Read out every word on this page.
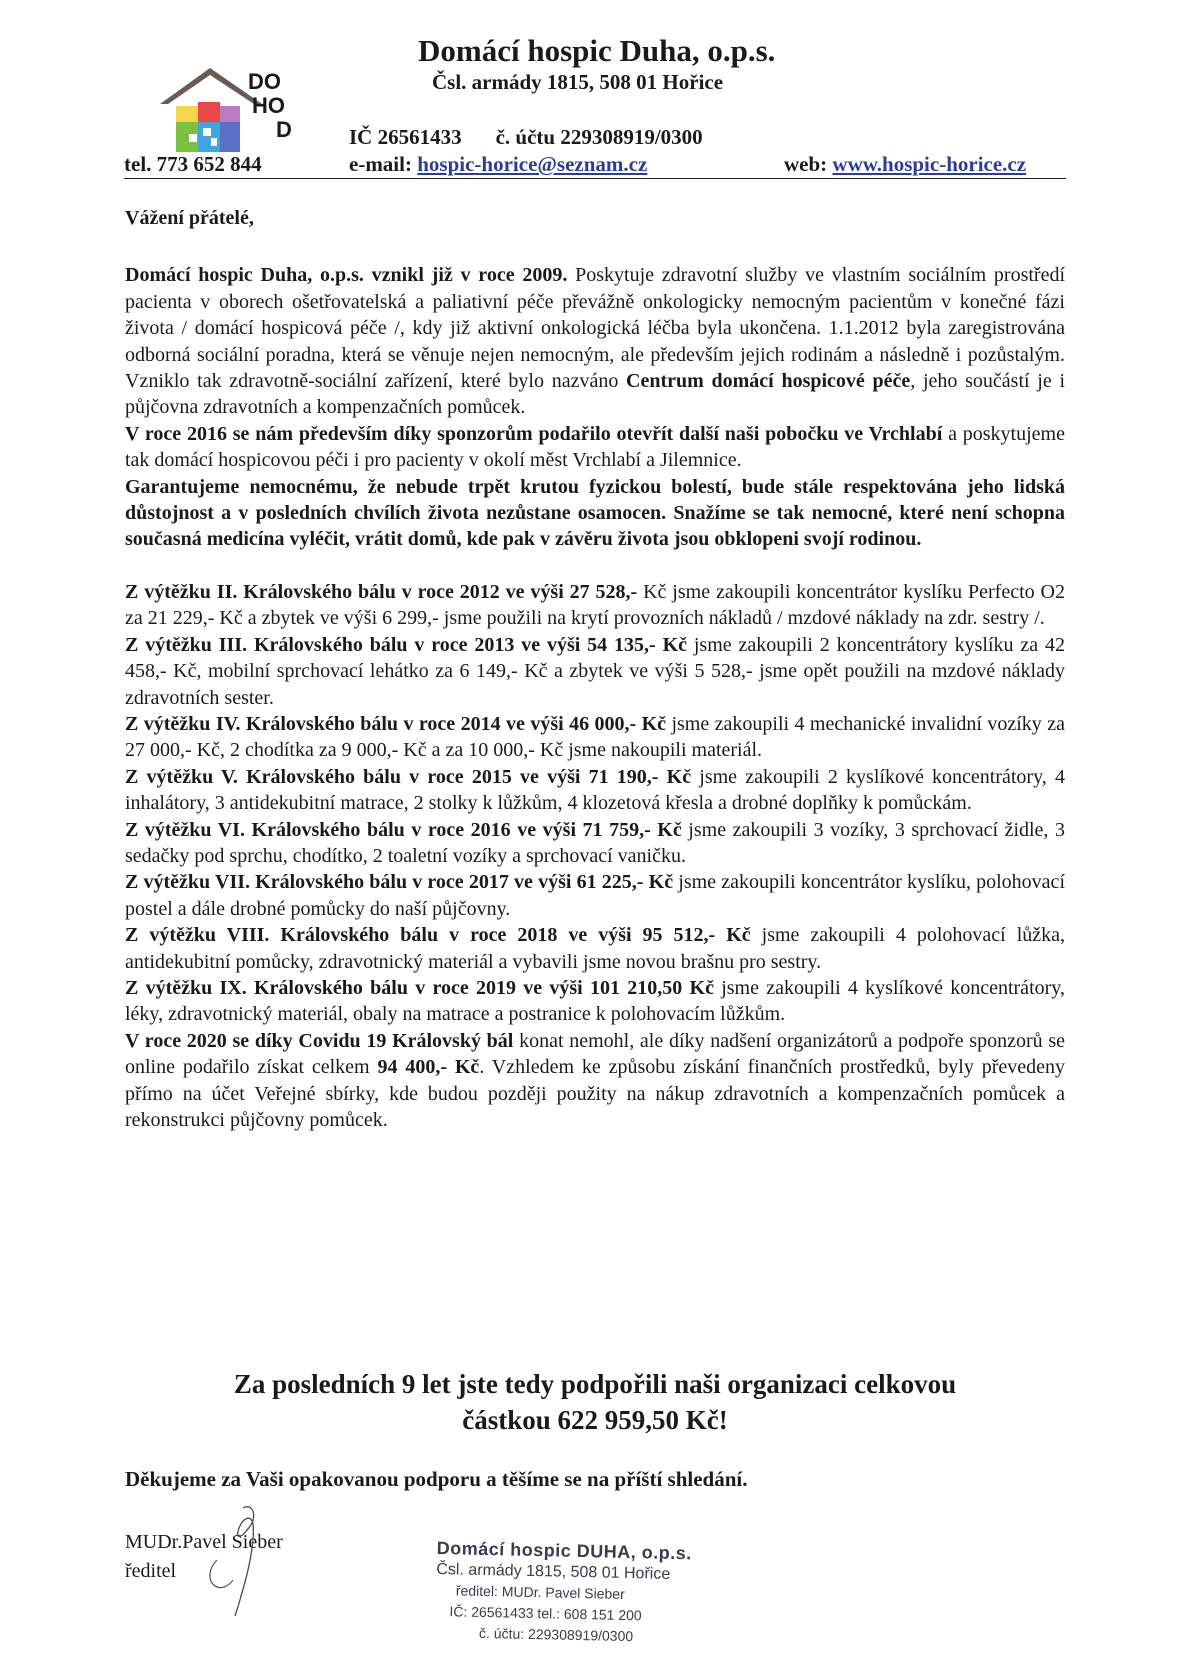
DO
HO
D
Domácí hospic Duha, o.p.s.
Čsl. armády 1815, 508 01 Hořice
IČ 26561433 č. účtu 229308919/0300
tel. 773 652 844	e-mail: hospic-horice@seznam.cz	web: www.hospic-horice.cz

Vážení přátelé,

Domácí hospic Duha, o.p.s. vznikl již v roce 2009. Poskytuje zdravotní služby ve vlastním sociálním prostředí pacienta v oborech ošetřovatelská a paliativní péče převážně onkologicky nemocným pacientům v konečné fázi života / domácí hospicová péče /, kdy již aktivní onkologická léčba byla ukončena. 1.1.2012 byla zaregistrována odborná sociální poradna, která se věnuje nejen nemocným, ale především jejich rodinám a následně i pozůstalým. Vzniklo tak zdravotně-sociální zařízení, které bylo nazváno Centrum domácí hospicové péče, jeho součástí je i půjčovna zdravotních a kompenzačních pomůcek.

V roce 2016 se nám především díky sponzorům podařilo otevřít další naši pobočku ve Vrchlabí a poskytujeme tak domácí hospicovou péči i pro pacienty v okolí měst Vrchlabí a Jilemnice.

Garantujeme nemocnému, že nebude trpět krutou fyzickou bolestí, bude stále respektována jeho lidská důstojnost a v posledních chvílích života nezůstane osamocen. Snažíme se tak nemocné, které není schopna současná medicína vyléčit, vrátit domů, kde pak v závěru života jsou obklopeni svojí rodinou.

Z výtěžku II. Královského bálu v roce 2012 ve výši 27 528,- Kč jsme zakoupili koncentrátor kyslíku Perfecto O2 za 21 229,- Kč a zbytek ve výši 6 299,- jsme použili na krytí provozních nákladů / mzdové náklady na zdr. sestry /.

Z výtěžku III. Královského bálu v roce 2013 ve výši 54 135,- Kč jsme zakoupili 2 koncentrátory kyslíku za 42 458,- Kč, mobilní sprchovací lehátko za 6 149,- Kč a zbytek ve výši 5 528,- jsme opět použili na mzdové náklady zdravotních sester.

Z výtěžku IV. Královského bálu v roce 2014 ve výši 46 000,- Kč jsme zakoupili 4 mechanické invalidní vozíky za 27 000,- Kč, 2 chodítka za 9 000,- Kč a za 10 000,- Kč jsme nakoupili materiál.

Z výtěžku V. Královského bálu v roce 2015 ve výši 71 190,- Kč jsme zakoupili 2 kyslíkové koncentrátory, 4 inhalátory, 3 antidekubitní matrace, 2 stolky k lůžkům, 4 klozetová křesla a drobné doplňky k pomůckám.

Z výtěžku VI. Královského bálu v roce 2016 ve výši 71 759,- Kč jsme zakoupili 3 vozíky, 3 sprchovací židle, 3 sedačky pod sprchu, chodítko, 2 toaletní vozíky a sprchovací vaničku.

Z výtěžku VII. Královského bálu v roce 2017 ve výši 61 225,- Kč jsme zakoupili koncentrátor kyslíku, polohovací postel a dále drobné pomůcky do naší půjčovny.

Z výtěžku VIII. Královského bálu v roce 2018 ve výši 95 512,- Kč jsme zakoupili 4 polohovací lůžka, antidekubitní pomůcky, zdravotnický materiál a vybavili jsme novou brašnu pro sestry.

Z výtěžku IX. Královského bálu v roce 2019 ve výši 101 210,50 Kč jsme zakoupili 4 kyslíkové koncentrátory, léky, zdravotnický materiál, obaly na matrace a postranice k polohovacím lůžkům.

V roce 2020 se díky Covidu 19 Královský bál konat nemohl, ale díky nadšení organizátorů a podpoře sponzorů se online podařilo získat celkem 94 400,- Kč. Vzhledem ke způsobu získání finančních prostředků, byly převedeny přímo na účet Veřejné sbírky, kde budou později použity na nákup zdravotních a kompenzačních pomůcek a rekonstrukci půjčovny pomůcek.

Za posledních 9 let jste tedy podpořili naši organizaci celkovou
částkou 622 959,50 Kč!
Děkujeme za Vaši opakovanou podporu a těšíme se na příští shledání.
MUDr.Pavel Sieber
ředitel
Domácí hospic DUHA, o.p.s.
Čsl. armády 1815, 508 01 Hořice
ředitel: MUDr. Pavel Sieber
IČ: 26561433 tel.: 608 151 200
č. účtu: 229308919/0300
